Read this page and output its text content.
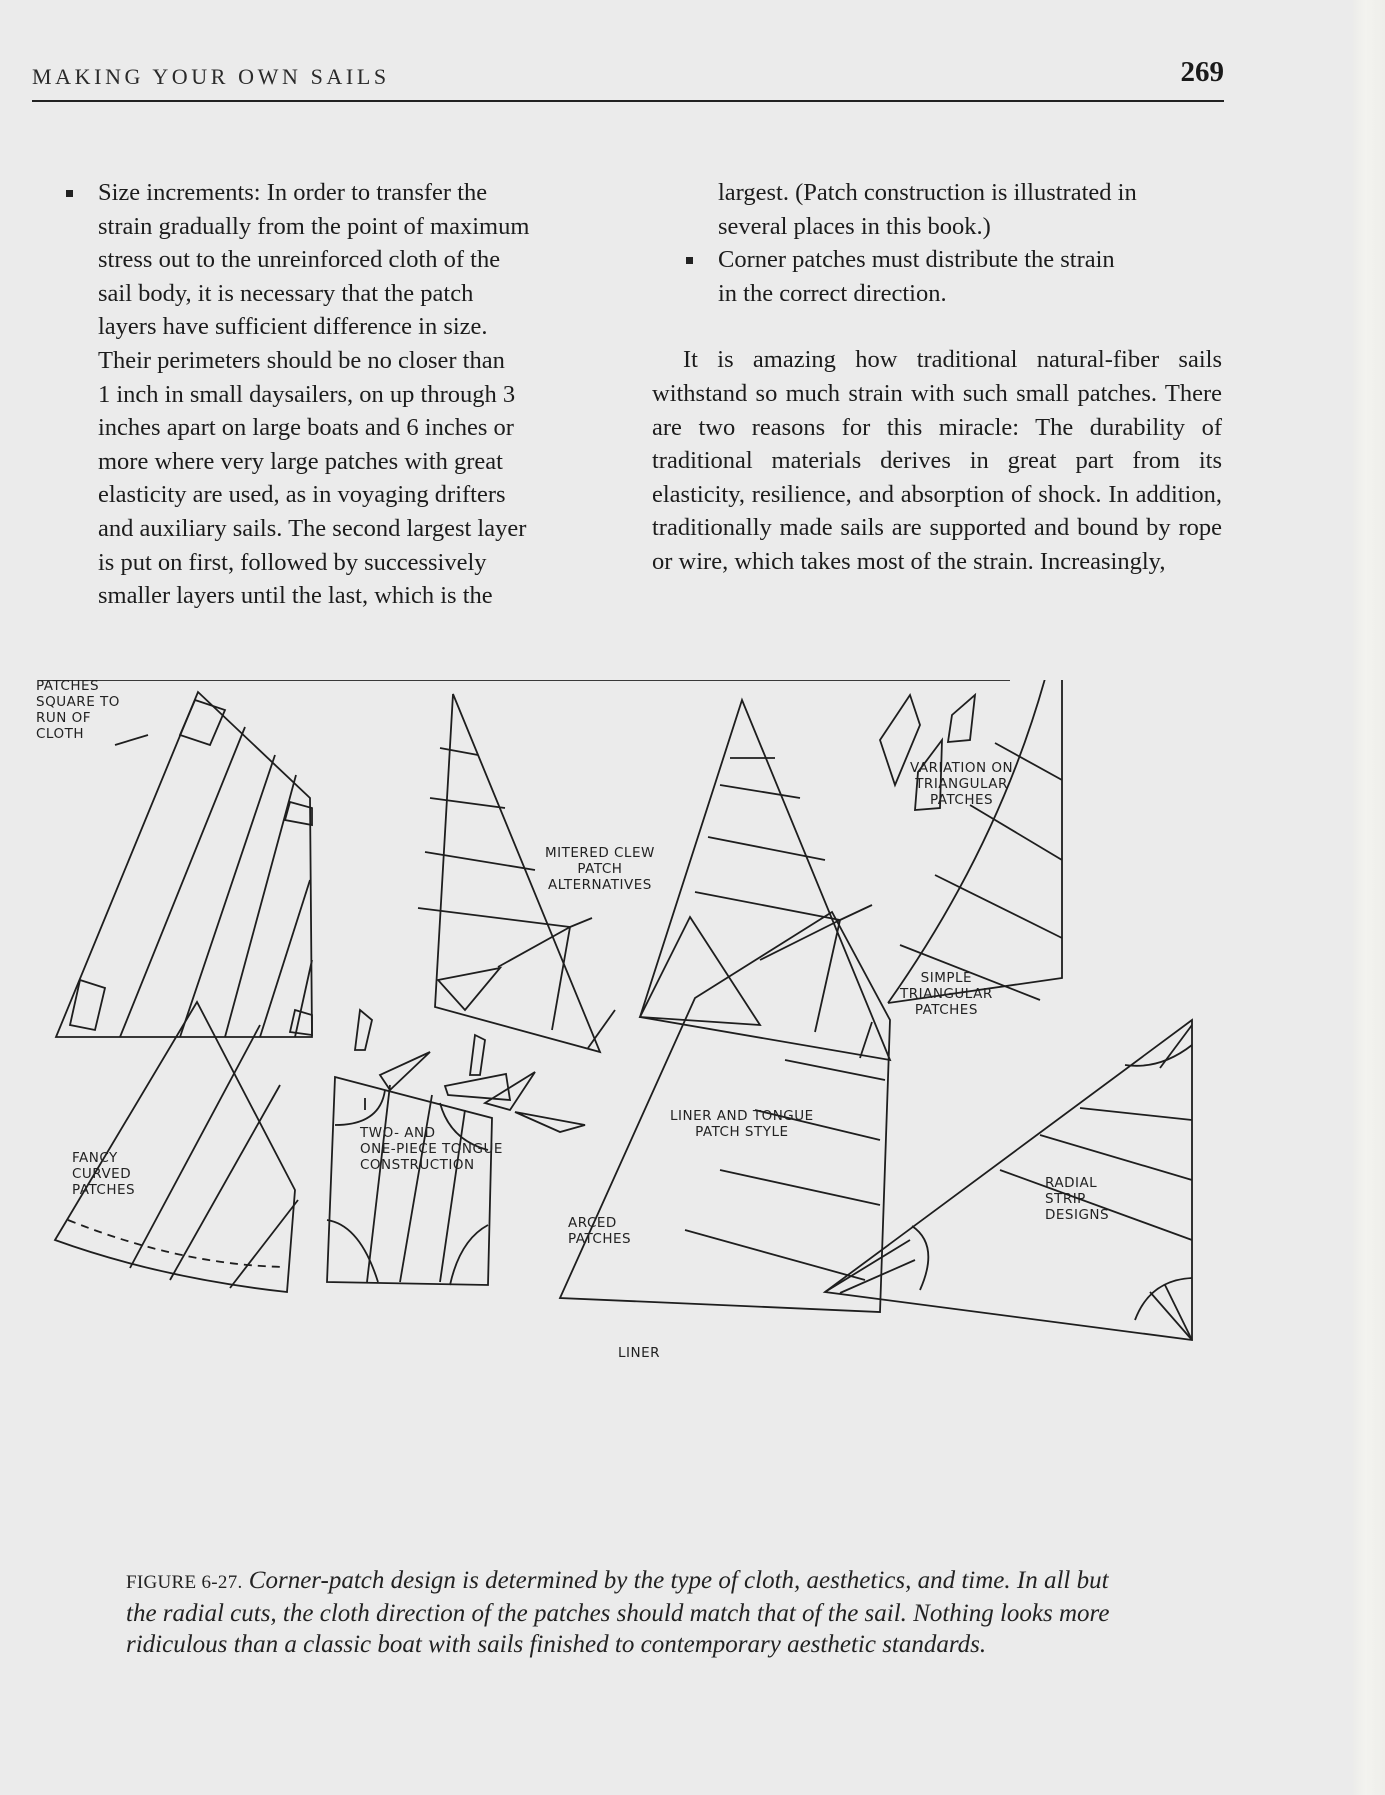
MAKING YOUR OWN SAILS	269
Size increments: In order to transfer the
strain gradually from the point of maximum
stress out to the unreinforced cloth of the
sail body, it is necessary that the patch
layers have sufficient difference in size.
Their perimeters should be no closer than
1 inch in small daysailers, on up through 3
inches apart on large boats and 6 inches or
more where very large patches with great
elasticity are used, as in voyaging drifters
and auxiliary sails. The second largest layer
is put on first, followed by successively
smaller layers until the last, which is the
largest. (Patch construction is illustrated in
several places in this book.)
Corner patches must distribute the strain
in the correct direction.

It is amazing how traditional natural-fiber sails withstand so much strain with such small patches. There are two reasons for this miracle: The durability of traditional materials derives in great part from its elasticity, resilience, and absorption of shock. In addition, traditionally made sails are supported and bound by rope or wire, which takes most of the strain. Increasingly,

PATCHES
SQUARE TO
RUN OF
CLOTH
MITERED CLEW
PATCH
ALTERNATIVES
VARIATION ON
TRIANGULAR
PATCHES
SIMPLE
TRIANGULAR
PATCHES
TWO- AND
ONE-PIECE TONGUE
CONSTRUCTION
LINER AND TONGUE
PATCH STYLE
FANCY
CURVED
PATCHES
ARCED
PATCHES
LINER
RADIAL
STRIP
DESIGNS
FIGURE 6-27. Corner-patch design is determined by the type of cloth, aesthetics, and time. In all but the radial cuts, the cloth direction of the patches should match that of the sail. Nothing looks more ridiculous than a classic boat with sails finished to contemporary aesthetic standards.
